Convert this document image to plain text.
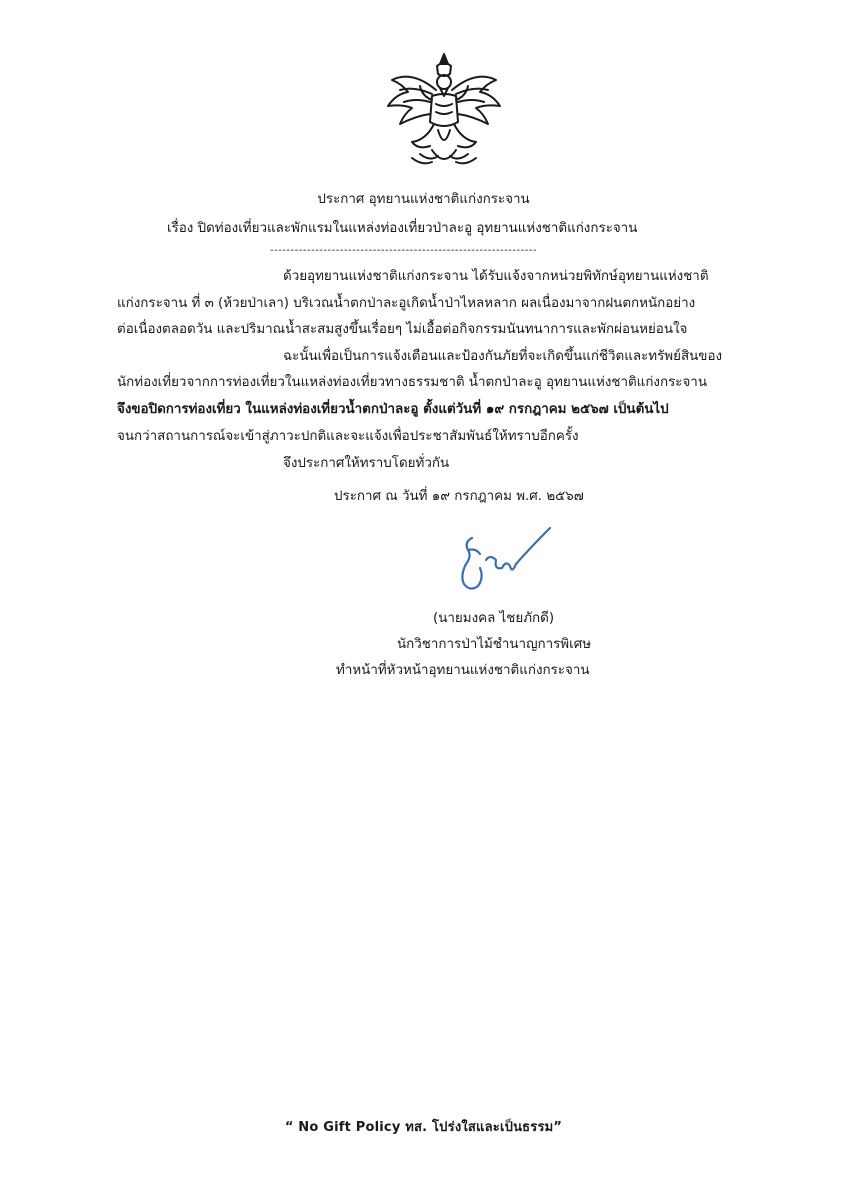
ประกาศ อุทยานแห่งชาติแก่งกระจาน
เรื่อง ปิดท่องเที่ยวและพักแรมในแหล่งท่องเที่ยวป่าละอู อุทยานแห่งชาติแก่งกระจาน
-----------------------------------------------------------------
ด้วยอุทยานแห่งชาติแก่งกระจาน ได้รับแจ้งจากหน่วยพิทักษ์อุทยานแห่งชาติ
แก่งกระจาน ที่ ๓ (ห้วยป่าเลา) บริเวณน้ำตกป่าละอูเกิดน้ำป่าไหลหลาก ผลเนื่องมาจากฝนตกหนักอย่าง
ต่อเนื่องตลอดวัน และปริมาณน้ำสะสมสูงขึ้นเรื่อยๆ ไม่เอื้อต่อกิจกรรมนันทนาการและพักผ่อนหย่อนใจ
ฉะนั้นเพื่อเป็นการแจ้งเตือนและป้องกันภัยที่จะเกิดขึ้นแก่ชีวิตและทรัพย์สินของ
นักท่องเที่ยวจากการท่องเที่ยวในแหล่งท่องเที่ยวทางธรรมชาติ น้ำตกป่าละอู อุทยานแห่งชาติแก่งกระจาน
จึงขอปิดการท่องเที่ยว ในแหล่งท่องเที่ยวน้ำตกป่าละอู ตั้งแต่วันที่ ๑๙ กรกฎาคม ๒๕๖๗ เป็นต้นไป
จนกว่าสถานการณ์จะเข้าสู่ภาวะปกติและจะแจ้งเพื่อประชาสัมพันธ์ให้ทราบอีกครั้ง
จึงประกาศให้ทราบโดยทั่วกัน
ประกาศ ณ วันที่ ๑๙ กรกฎาคม พ.ศ. ๒๕๖๗
(นายมงคล ไชยภักดี)
นักวิชาการป่าไม้ชำนาญการพิเศษ
ทำหน้าที่หัวหน้าอุทยานแห่งชาติแก่งกระจาน
“ No Gift Policy ทส. โปร่งใสและเป็นธรรม”
